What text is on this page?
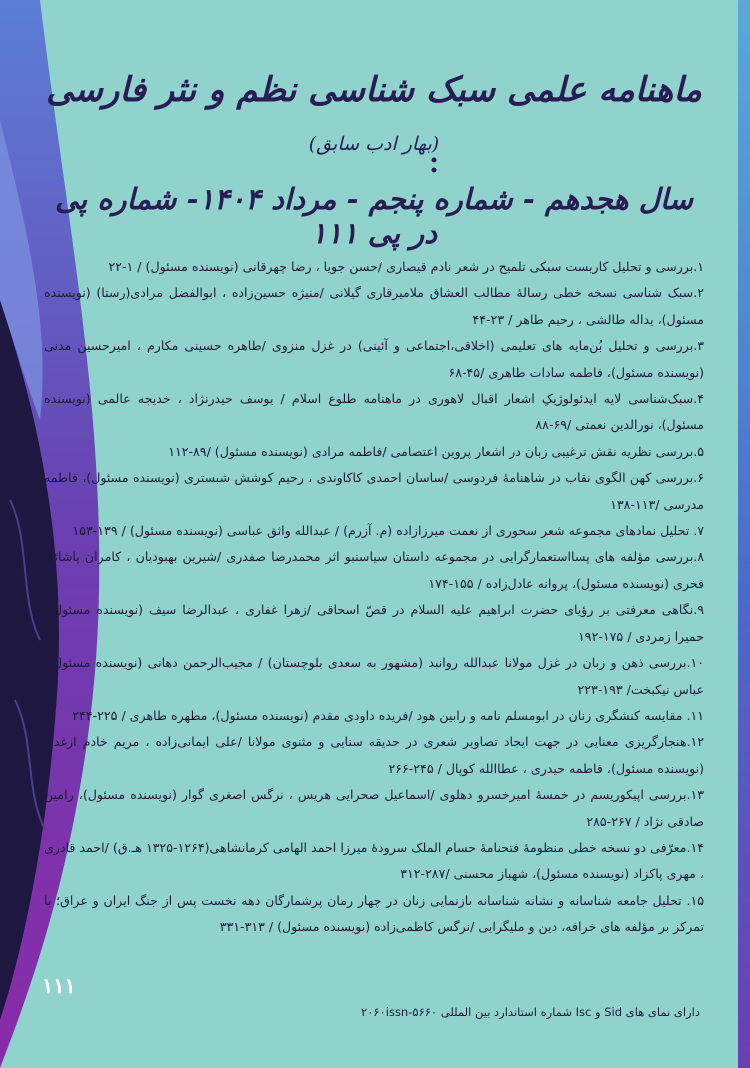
ماهنامه علمی سبک شناسی نظم و نثر فارسی
(بهار ادب سابق)
سال هجدهم - شماره پنجم - مرداد ۱۴۰۴- شماره پی در پی ۱۱۱
۱.بررسی و تحلیل کاربست سبکی تلمیح در شعر نادم قیصاری /حسن جویا ، رضا چهرقانی (نویسنده مسئول) / ۱-۲۲
۲.سبک شناسی نسخه خطی رسالهٔ مطالب العشاق ملامیرقاری گیلانی /منیژه حسین‌زاده ، ابوالفضل مرادی(رستا) (نویسنده مسئول)، یداله طالشی ، رحیم طاهر / ۲۳-۴۴
۳.بررسی و تحلیل بُن‌مایه های تعلیمی (اخلاقی،اجتماعی و آئینی) در غزل منزوی /طاهره حسینی مکارم ، امیرحسین مدنی (نویسنده مسئول)، فاطمه سادات طاهری /۴۵-۶۸
۴.سبک‌شناسی لایه ایدئولوژیکِ اشعار اقبال لاهوری در ماهنامه طلوع اسلام / یوسف حیدرنژاد ، خدیجه عالمی (نویسنده مسئول)، نورالدین نعمتی /۶۹-۸۸
۵.بررسی نظریه نقش ترغیبی زبان در اشعار پروین اعتصامی /فاطمه مرادی (نویسنده مسئول) /۸۹-۱۱۲
۶.بررسی کهن الگوی نقاب در شاهنامهٔ فردوسی /ساسان احمدی کاکاوندی ، رحیم کوشش شبستری (نویسنده مسئول)، فاطمه مدرسی /۱۱۳-۱۳۸
۷. تحلیل نمادهای مجموعه شعر سحوری از نعمت میرزازاده (م. آزرم) / عبدالله واثق عباسی (نویسنده مسئول) / ۱۳۹-۱۵۳
۸.بررسی مؤلفه های پسااستعمارگرایی در مجموعه داستان سیاسنبو اثر محمدرضا صفدری /شیرین بهبودیان ، کامران پاشائی فخری (نویسنده مسئول)، پروانه عادل‌زاده / ۱۵۵-۱۷۴
۹.نگاهی معرفتی بر رؤیای حضرت ابراهیم علیه السلام در قصّ اسحاقی /زهرا غفاری ، عبدالرضا سیف (نویسنده مسئول)، حمیرا زمردی / ۱۷۵-۱۹۲
۱۰.بررسی ذهن و زبان در غزل مولانا عبدالله روانبد (مشهور به سعدی بلوچستان) / مجیب‌الرحمن دهانی (نویسنده مسئول)، عباس نیکبخت/ ۱۹۳-۲۲۳
۱۱. مقایسه کنشگری زنان در ابومسلم نامه و رابین هود /فریده داودی مقدم (نویسنده مسئول)، مطهره طاهری / ۲۲۵-۲۴۴
۱۲.هنجارگریزی معنایی در جهت ایجاد تصاویر شعری در حدیقه سنایی و مثنوی مولانا /علی ایمانی‌زاده ، مریم خادم ازغدی (نویسنده مسئول)، فاطمه حیدری ، عطاالله کوپال / ۲۴۵-۲۶۶
۱۳.بررسی اپیکوریسم در خمسهٔ امیرخسرو دهلوی /اسماعیل صحرایی هریس ، نرگس اصغری گوار (نویسنده مسئول)، رامین صادقی نژاد / ۲۶۷-۲۸۵
۱۴.معرّفی دو نسخه خطی منظومهٔ فتحنامهٔ حسام الملک سرودهٔ میرزا احمد الهامی کرمانشاهی(۱۲۶۴-۱۳۲۵ هـ.ق) /احمد قادری ، مهری پاکزاد (نویسنده مسئول)، شهباز محسنی /۲۸۷-۳۱۲
۱۵. تحلیل جامعه شناسانه و نشانه شناسانه بازنمایی زنان در چهار رمان پرشمارگان دهه نخست پس از جنگ ایران و عراق؛ با تمرکز بر مؤلفه های خرافه، دین و ملیگرایی /نرگس کاظمی‌زاده (نویسنده مسئول) / ۳۱۳-۳۳۱
۱۱۱
دارای نمای های Sid و Isc شماره استاندارد بین المللی ۵۶۶۰-۲۰۶۰issn
